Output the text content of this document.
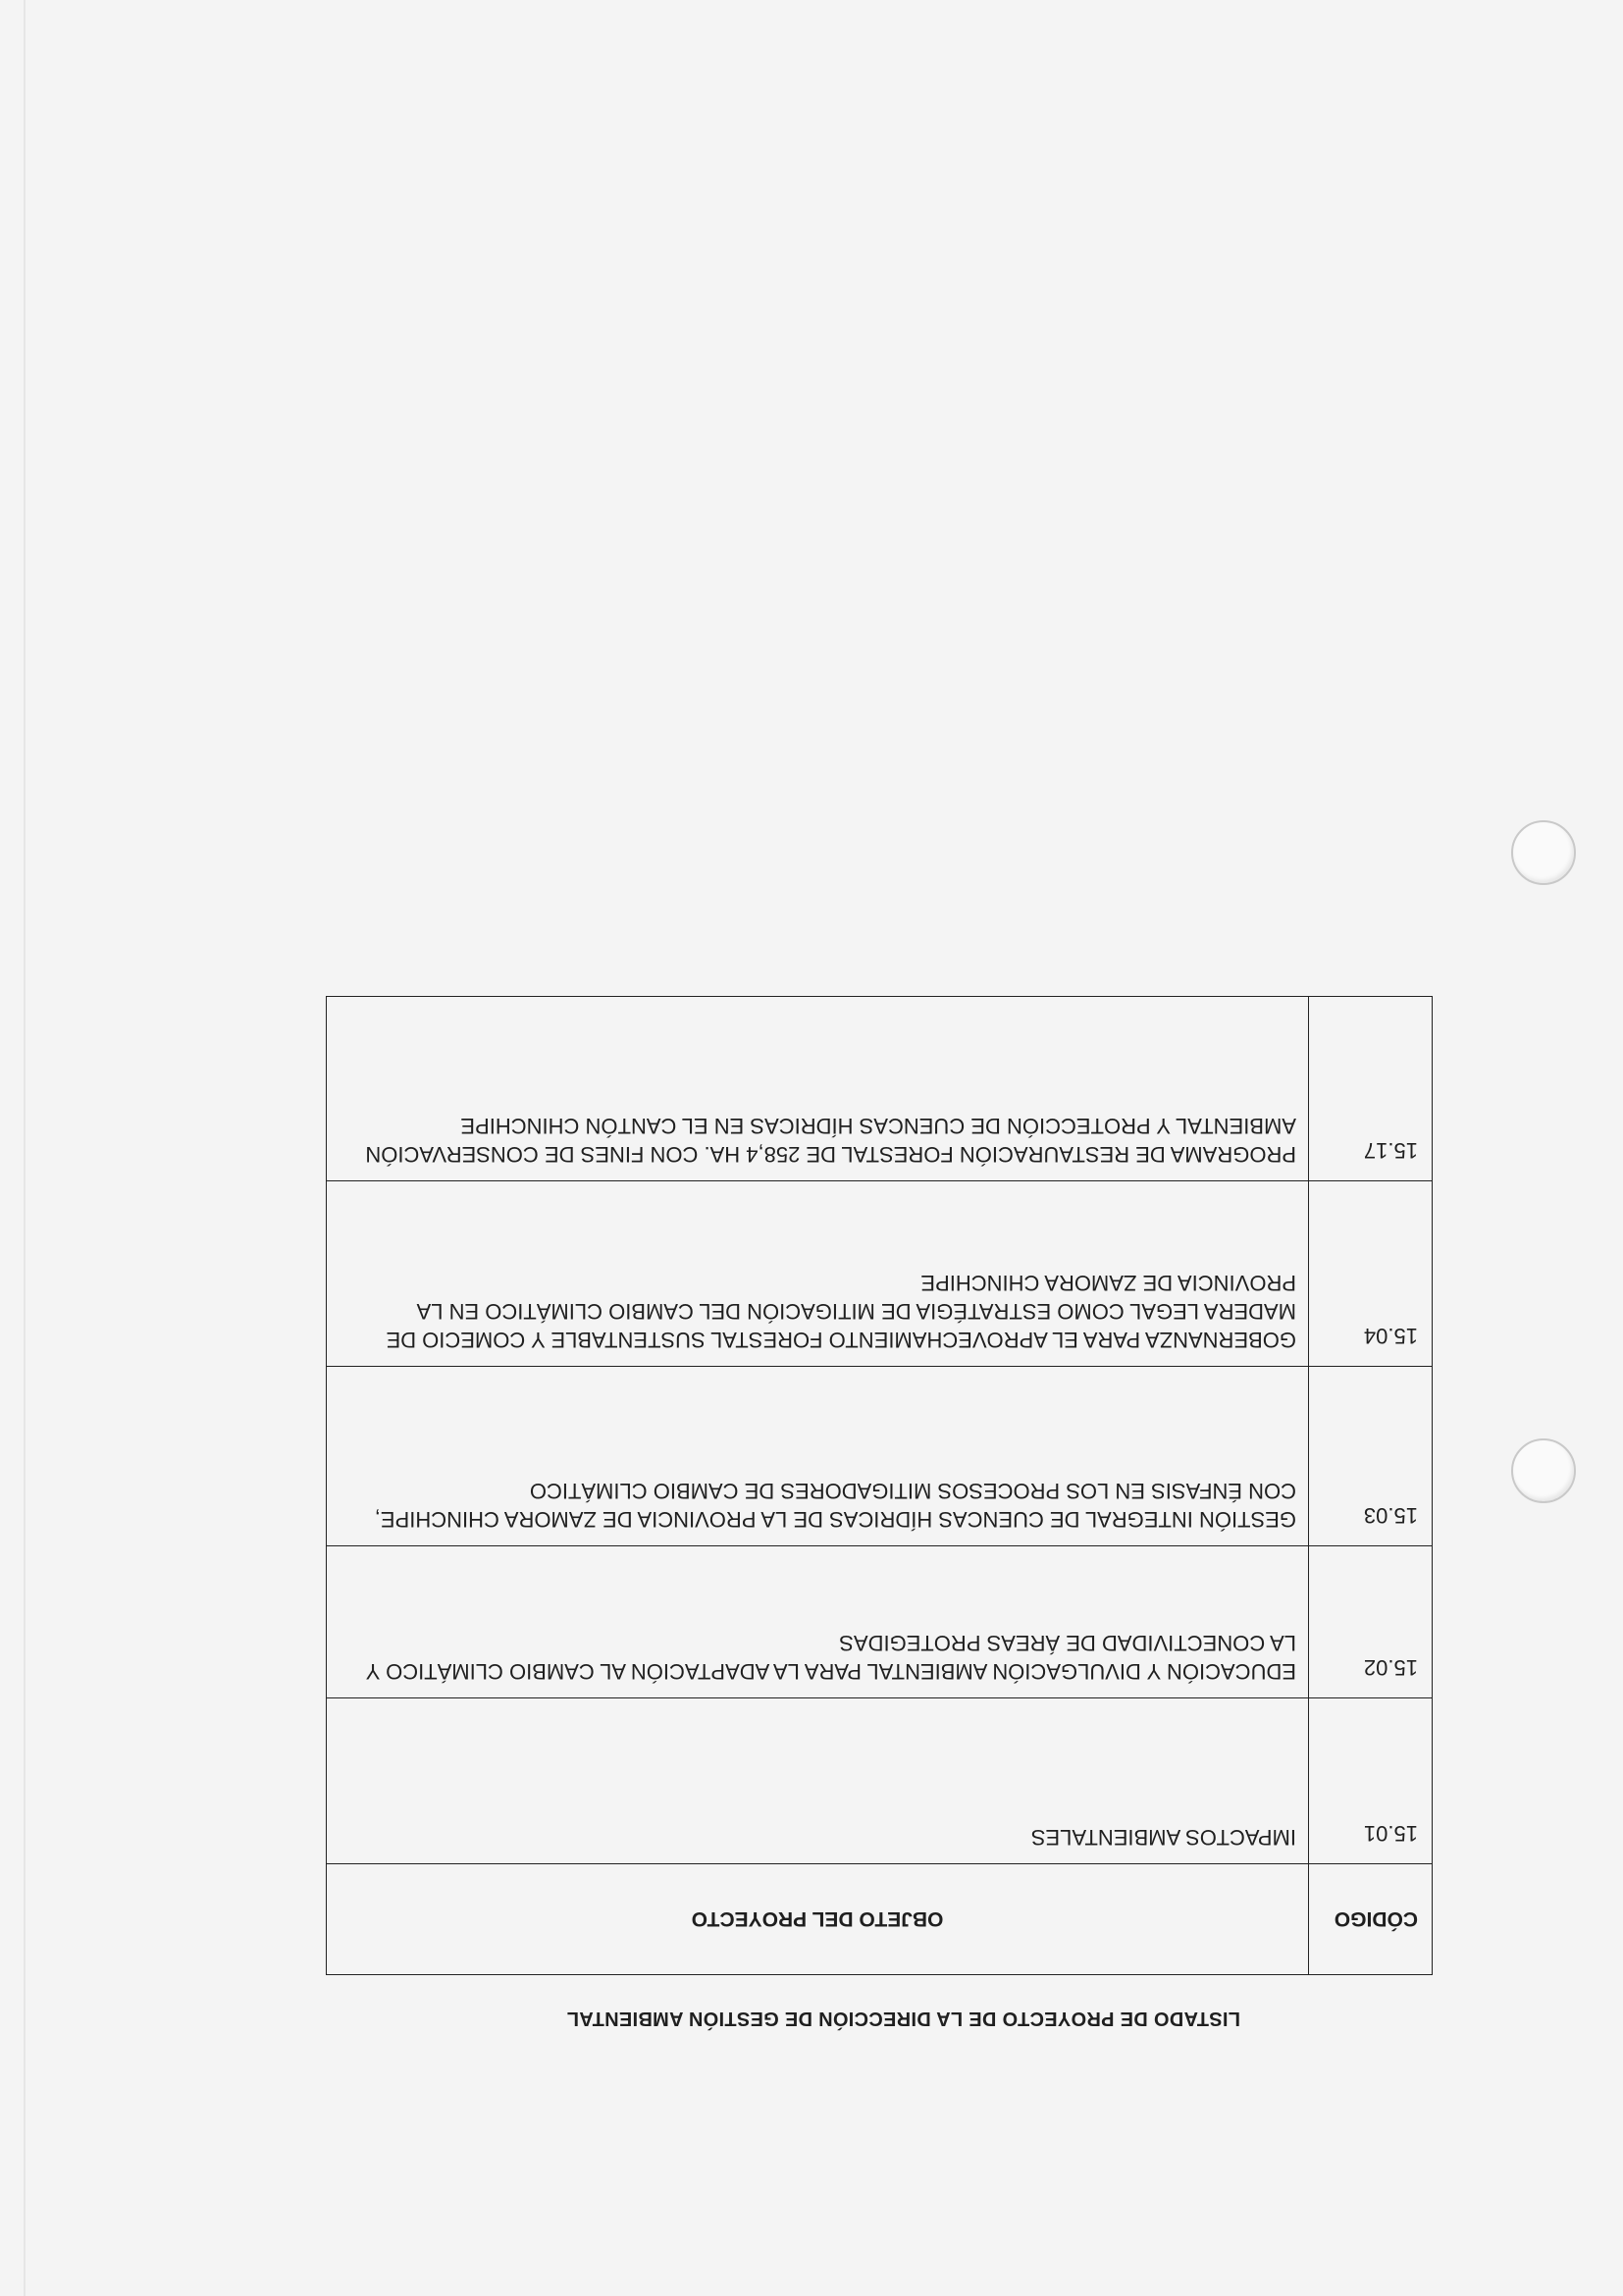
LISTADO DE PROYECTO DE LA DIRECCIÓN DE GESTIÓN AMBIENTAL
CÓDIGO	OBJETO DEL PROYECTO
15.01	IMPACTOS AMBIENTALES
15.02	EDUCACIÓN Y DIVULGACIÓN AMBIENTAL PARA LA ADAPTACIÓN AL CAMBIO CLIMÁTICO Y LA CONECTIVIDAD DE ÁREAS PROTEGIDAS
15.03	GESTIÓN INTEGRAL DE CUENCAS HÍDRICAS DE LA PROVINCIA DE ZAMORA CHINCHIPE, CON ÉNFASIS EN LOS PROCESOS MITIGADORES DE CAMBIO CLIMÁTICO
15.04	GOBERNANZA PARA EL APROVECHAMIENTO FORESTAL SUSTENTABLE Y COMECIO DE MADERA LEGAL COMO ESTRATÉGIA DE MITIGACIÓN DEL CAMBIO CLIMÁTICO EN LA PROVINCIA DE ZAMORA CHINCHIPE
15.17	PROGRAMA DE RESTAURACIÓN FORESTAL DE 258,4 HA. CON FINES DE CONSERVACIÓN AMBIENTAL Y PROTECCIÓN DE CUENCAS HÍDRICAS EN EL CANTÓN CHINCHIPE
